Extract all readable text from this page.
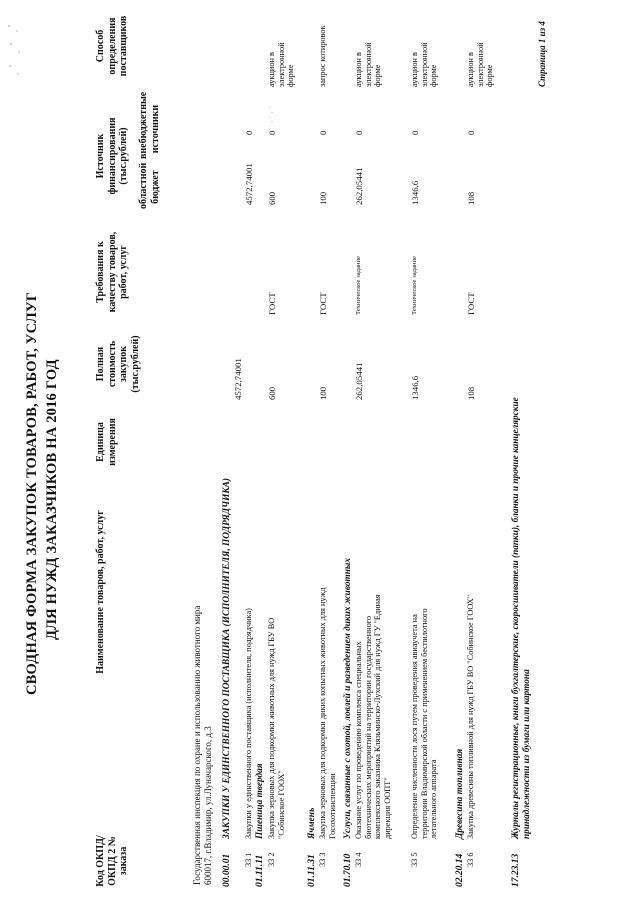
СВОДНАЯ ФОРМА ЗАКУПОК ТОВАРОВ, РАБОТ, УСЛУГ ДЛЯ НУЖД ЗАКАЗЧИКОВ НА 2016 ГОД
Код ОКПД/ ОКПД 2 № заказа
Наименование товаров, работ, услуг
Единица измерения
Полная стоимость закупок (тыс.рублей)
Требования к качеству товаров, работ, услуг
Источник финансирования (тыс.рублей)
областной бюджет
внебюджетные источники
Способ определения поставщиков
Государственная инспекция по охране и использованию животного мира 600017, г.Владимир, ул.Луначарского, д.3 00.00.01
ЗАКУПКИ У ЕДИНСТВЕННОГО ПОСТАВЩИКА (ИСПОЛНИТЕЛЯ, ПОДРЯДЧИКА)
4572,74001
33 1
Закупки у единственного поставщика (исполнителя, подрядчика)
4572,74001
0
01.11.11
Пшеница твердая
33 2
Закупка зерновых для подкормки животных для нужд ГБУ ВО "Собинское ГООХ"
600
ГОСТ
600
0
аукцион в электронной форме
· ˙ · ˙
01.11.31
Ячмень
33 3
Закупка зерновых для подкормки диких копытных животных для нужд Госохотинспекции
100
ГОСТ
100
0
запрос котировок
01.70.10
Услуги, связанные с охотой, ловлей и разведением диких животных
33 4
Оказание услуг по проведению комплекса специальных биотехнических мероприятий на территории государственного комплексного заказника Клязьминско-Лухский для нужд ГУ "Единая дирекция ООПТ"
262,05441
Техническое задание
262,05441
0
аукцион в электронной форме
33 5
Определение численности лося путем проведения авиаучета на территории Владимирской области с применением беспилотного летательного аппарата
1346,6
Техническое задание
1346,6
0
аукцион в электронной форме
02.20.14
Древесина топливная
33 6
Закупка древесины топливной для нужд ГБУ ВО "Собинское ГООХ"
108
ГОСТ
108
0
аукцион в электронной форме
17.23.13
Журналы регистрационные, книги бухгалтерские, скоросшиватели (папки), бланки и прочие канцелярские принадлежности из бумаги или картона
Страница 1 из 4
